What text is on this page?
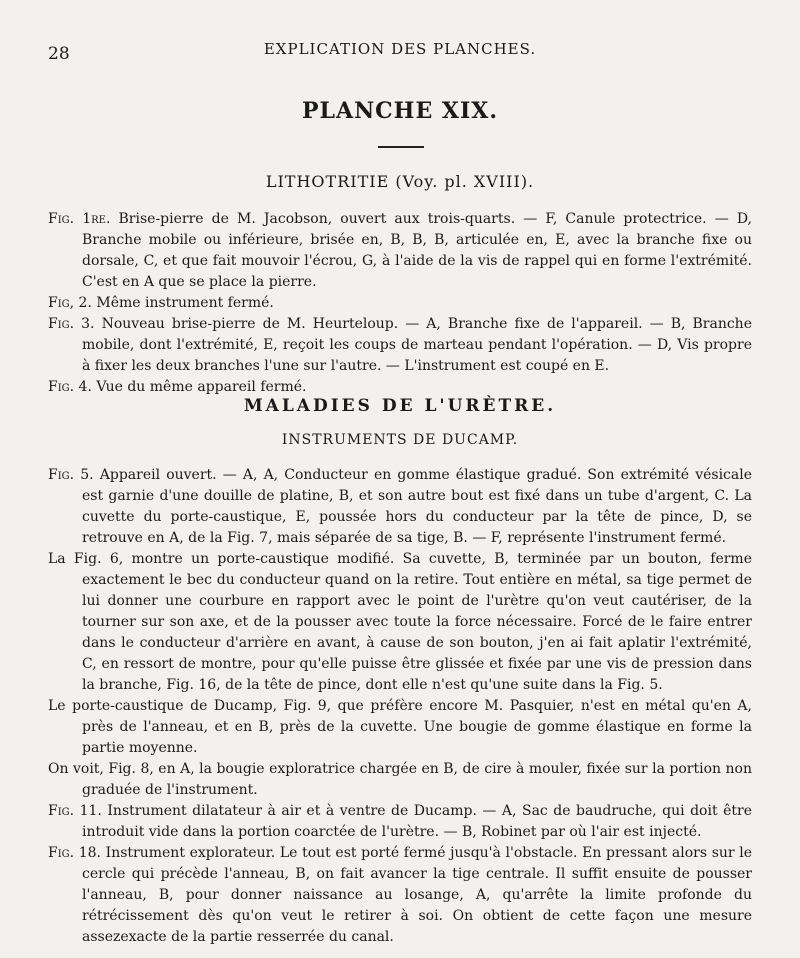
28	EXPLICATION DES PLANCHES.
PLANCHE XIX.
LITHOTRITIE (Voy. pl. XVIII).

Fig. 1re. Brise-pierre de M. Jacobson, ouvert aux trois-quarts. — F, Canule protectrice. — D, Branche mobile ou inférieure, brisée en, B, B, B, articulée en, E, avec la branche fixe ou dorsale, C, et que fait mouvoir l'écrou, G, à l'aide de la vis de rappel qui en forme l'extrémité. C'est en A que se place la pierre.

Fig, 2. Même instrument fermé.

Fig. 3. Nouveau brise-pierre de M. Heurteloup. — A, Branche fixe de l'appareil. — B, Branche mobile, dont l'extrémité, E, reçoit les coups de marteau pendant l'opération. — D, Vis propre à fixer les deux branches l'une sur l'autre. — L'instrument est coupé en E.

Fig. 4. Vue du même appareil fermé.

MALADIES DE L'URÈTRE.
INSTRUMENTS DE DUCAMP.

Fig. 5. Appareil ouvert. — A, A, Conducteur en gomme élastique gradué. Son extrémité vésicale est garnie d'une douille de platine, B, et son autre bout est fixé dans un tube d'argent, C. La cuvette du porte-caustique, E, poussée hors du conducteur par la tête de pince, D, se retrouve en A, de la Fig. 7, mais séparée de sa tige, B. — F, représente l'instrument fermé.

La Fig. 6, montre un porte-caustique modifié. Sa cuvette, B, terminée par un bouton, ferme exactement le bec du conducteur quand on la retire. Tout entière en métal, sa tige permet de lui donner une courbure en rapport avec le point de l'urètre qu'on veut cautériser, de la tourner sur son axe, et de la pousser avec toute la force nécessaire. Forcé de le faire entrer dans le conducteur d'arrière en avant, à cause de son bouton, j'en ai fait aplatir l'extrémité, C, en ressort de montre, pour qu'elle puisse être glissée et fixée par une vis de pression dans la branche, Fig. 16, de la tête de pince, dont elle n'est qu'une suite dans la Fig. 5.

Le porte-caustique de Ducamp, Fig. 9, que préfère encore M. Pasquier, n'est en métal qu'en A, près de l'anneau, et en B, près de la cuvette. Une bougie de gomme élastique en forme la partie moyenne.

On voit, Fig. 8, en A, la bougie exploratrice chargée en B, de cire à mouler, fixée sur la portion non graduée de l'instrument.

Fig. 11. Instrument dilatateur à air et à ventre de Ducamp. — A, Sac de baudruche, qui doit être introduit vide dans la portion coarctée de l'urètre. — B, Robinet par où l'air est injecté.

Fig. 18. Instrument explorateur. Le tout est porté fermé jusqu'à l'obstacle. En pressant alors sur le cercle qui précède l'anneau, B, on fait avancer la tige centrale. Il suffit ensuite de pousser l'anneau, B, pour donner naissance au losange, A, qu'arrête la limite profonde du rétrécissement dès qu'on veut le retirer à soi. On obtient de cette façon une mesure assezexacte de la partie resserrée du canal.
